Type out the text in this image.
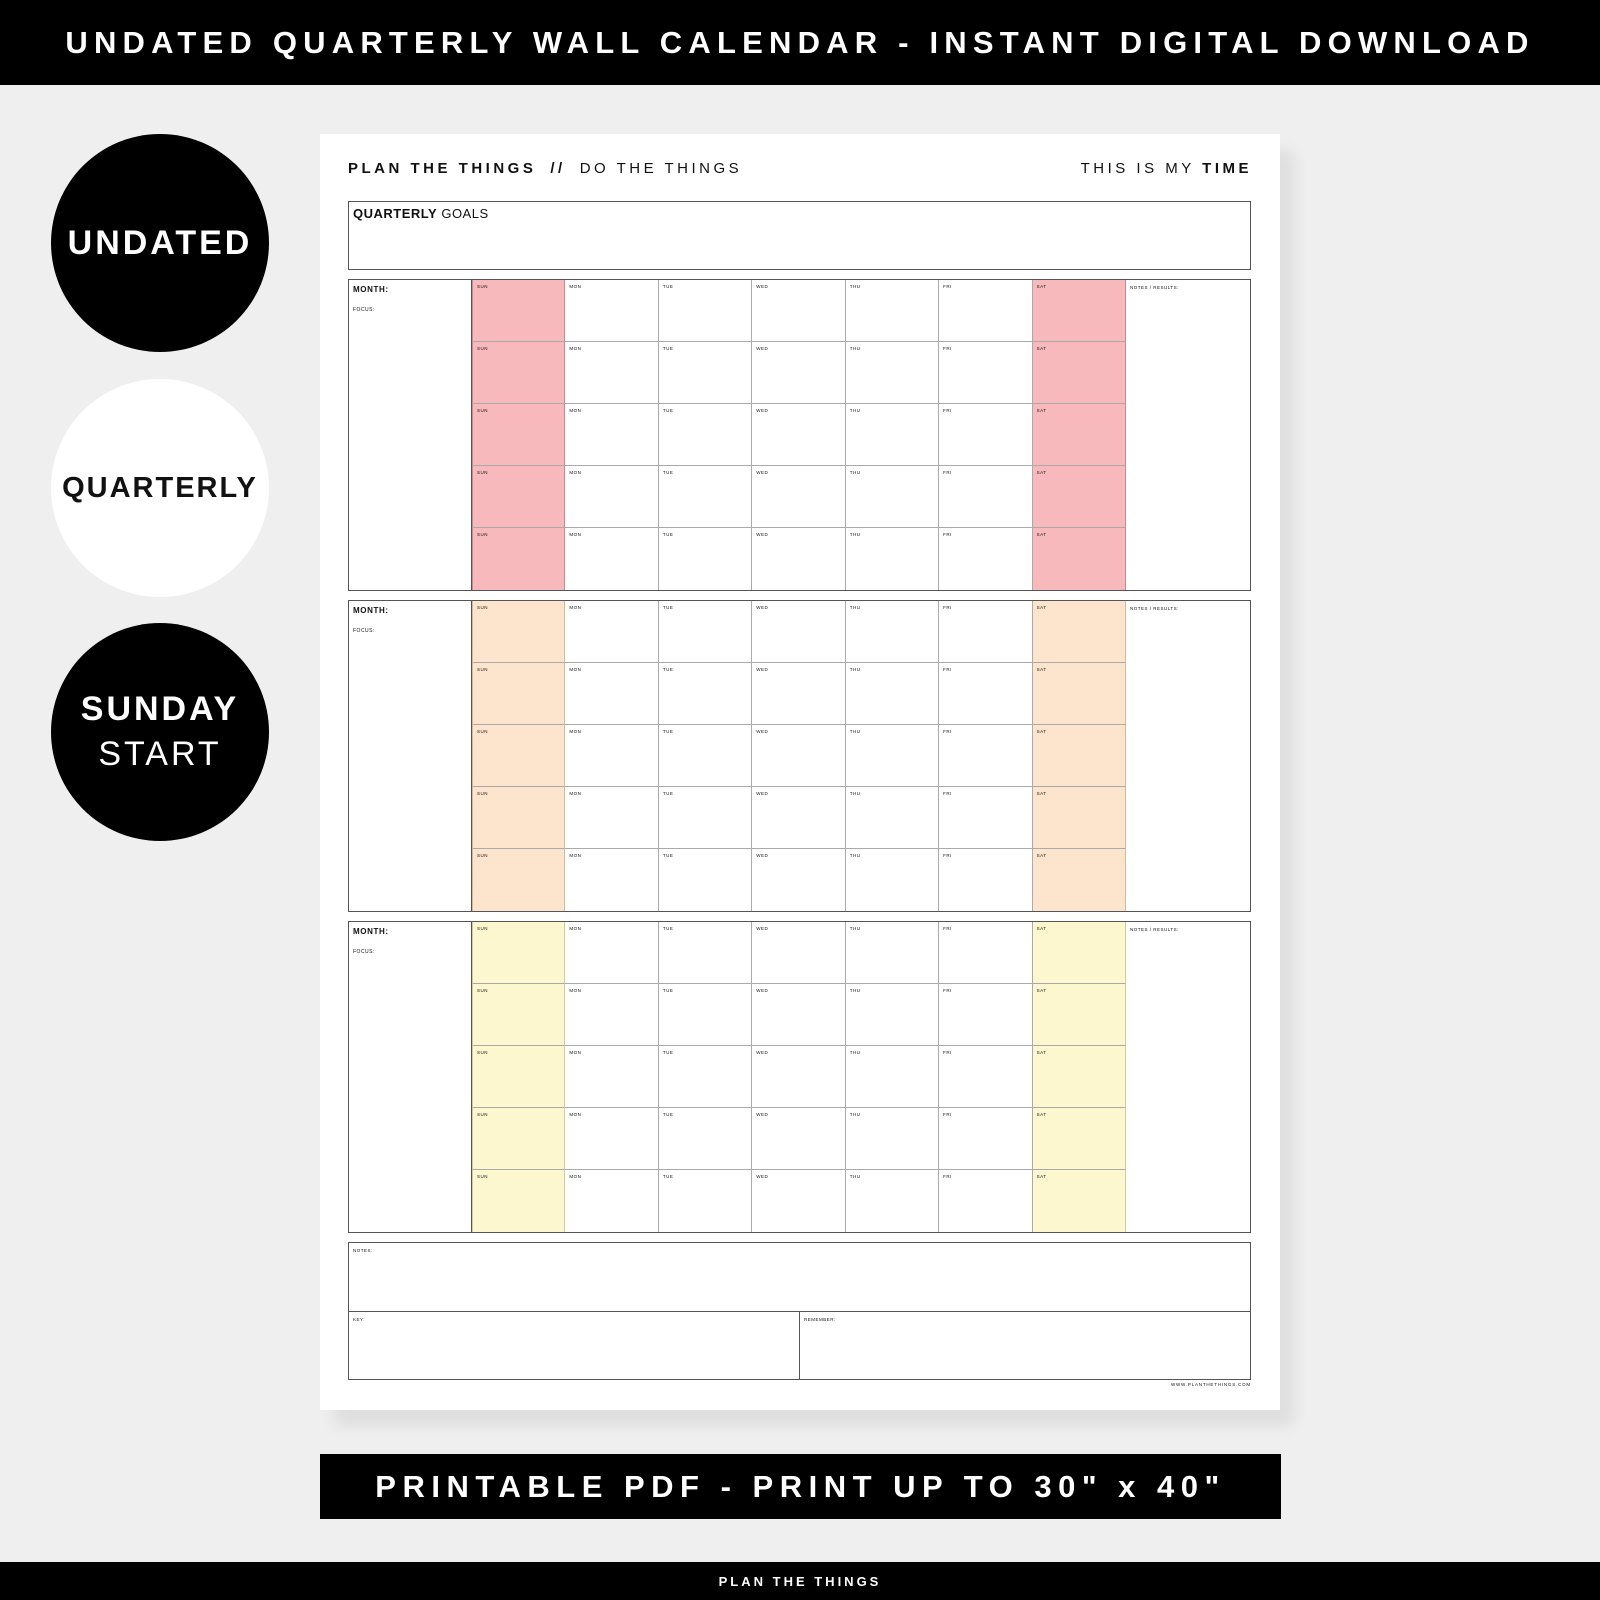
UNDATED QUARTERLY WALL CALENDAR - INSTANT DIGITAL DOWNLOAD
UNDATED
QUARTERLY
SUNDAY
START
PLAN THE THINGS // DO THE THINGS	THIS IS MY TIME
QUARTERLY GOALS
MONTH:
FOCUS:
SUN	MON	TUE	WED	THU	FRI	SAT
SUN	MON	TUE	WED	THU	FRI	SAT
SUN	MON	TUE	WED	THU	FRI	SAT
SUN	MON	TUE	WED	THU	FRI	SAT
SUN	MON	TUE	WED	THU	FRI	SAT
NOTES / RESULTS:
MONTH:
FOCUS:
SUN	MON	TUE	WED	THU	FRI	SAT
SUN	MON	TUE	WED	THU	FRI	SAT
SUN	MON	TUE	WED	THU	FRI	SAT
SUN	MON	TUE	WED	THU	FRI	SAT
SUN	MON	TUE	WED	THU	FRI	SAT
NOTES / RESULTS:
MONTH:
FOCUS:
SUN	MON	TUE	WED	THU	FRI	SAT
SUN	MON	TUE	WED	THU	FRI	SAT
SUN	MON	TUE	WED	THU	FRI	SAT
SUN	MON	TUE	WED	THU	FRI	SAT
SUN	MON	TUE	WED	THU	FRI	SAT
NOTES / RESULTS:
NOTES:
KEY:	REMEMBER:
WWW.PLANTHETHINGS.COM
PRINTABLE PDF - PRINT UP TO 30" x 40"
PLAN THE THINGS
